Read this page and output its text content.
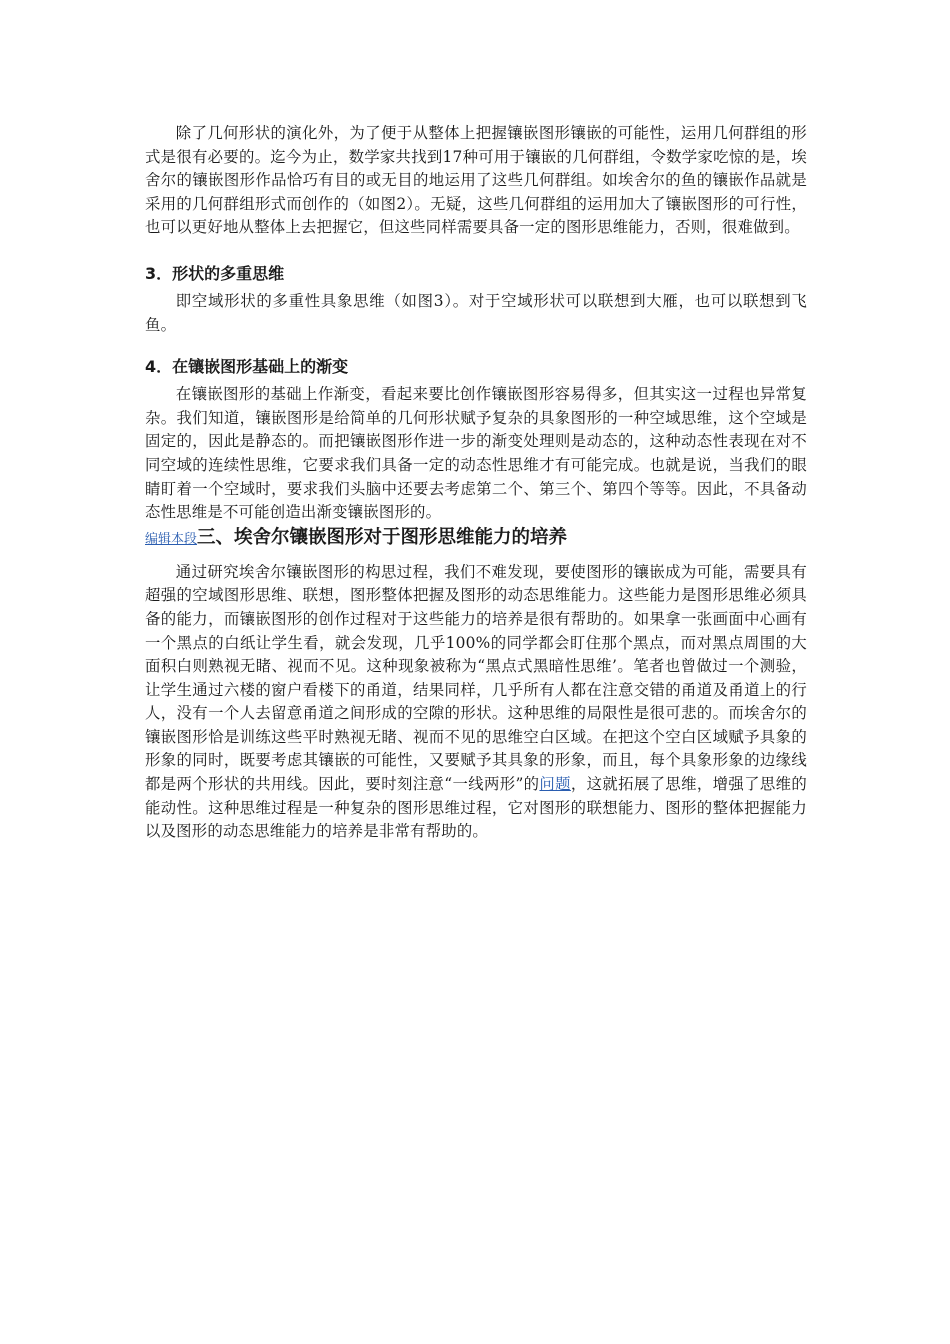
除了几何形状的演化外，为了便于从整体上把握镶嵌图形镶嵌的可能性，运用几何群组的形式是很有必要的。迄今为止，数学家共找到17种可用于镶嵌的几何群组，令数学家吃惊的是，埃舍尔的镶嵌图形作品恰巧有目的或无目的地运用了这些几何群组。如埃舍尔的鱼的镶嵌作品就是采用的几何群组形式而创作的（如图2）。无疑，这些几何群组的运用加大了镶嵌图形的可行性，也可以更好地从整体上去把握它，但这些同样需要具备一定的图形思维能力，否则，很难做到。

3．形状的多重思维

即空域形状的多重性具象思维（如图3）。对于空域形状可以联想到大雁，也可以联想到飞鱼。

4．在镶嵌图形基础上的渐变

在镶嵌图形的基础上作渐变，看起来要比创作镶嵌图形容易得多，但其实这一过程也异常复杂。我们知道，镶嵌图形是给简单的几何形状赋予复杂的具象图形的一种空域思维，这个空域是固定的，因此是静态的。而把镶嵌图形作进一步的渐变处理则是动态的，这种动态性表现在对不同空域的连续性思维，它要求我们具备一定的动态性思维才有可能完成。也就是说，当我们的眼睛盯着一个空域时，要求我们头脑中还要去考虑第二个、第三个、第四个等等。因此，不具备动态性思维是不可能创造出渐变镶嵌图形的。

编辑本段 三、埃舍尔镶嵌图形对于图形思维能力的培养

通过研究埃舍尔镶嵌图形的构思过程，我们不难发现，要使图形的镶嵌成为可能，需要具有超强的空域图形思维、联想，图形整体把握及图形的动态思维能力。这些能力是图形思维必须具备的能力，而镶嵌图形的创作过程对于这些能力的培养是很有帮助的。如果拿一张画面中心画有一个黑点的白纸让学生看，就会发现，几乎100%的同学都会盯住那个黑点，而对黑点周围的大面积白则熟视无睹、视而不见。这种现象被称为“黑点式黑暗性思维’。笔者也曾做过一个测验，让学生通过六楼的窗户看楼下的甬道，结果同样，几乎所有人都在注意交错的甬道及甬道上的行人，没有一个人去留意甬道之间形成的空隙的形状。这种思维的局限性是很可悲的。而埃舍尔的镶嵌图形恰是训练这些平时熟视无睹、视而不见的思维空白区域。在把这个空白区域赋予具象的形象的同时，既要考虑其镶嵌的可能性，又要赋予其具象的形象，而且，每个具象形象的边缘线都是两个形状的共用线。因此，要时刻注意“一线两形”的问题，这就拓展了思维，增强了思维的能动性。这种思维过程是一种复杂的图形思维过程，它对图形的联想能力、图形的整体把握能力以及图形的动态思维能力的培养是非常有帮助的。
